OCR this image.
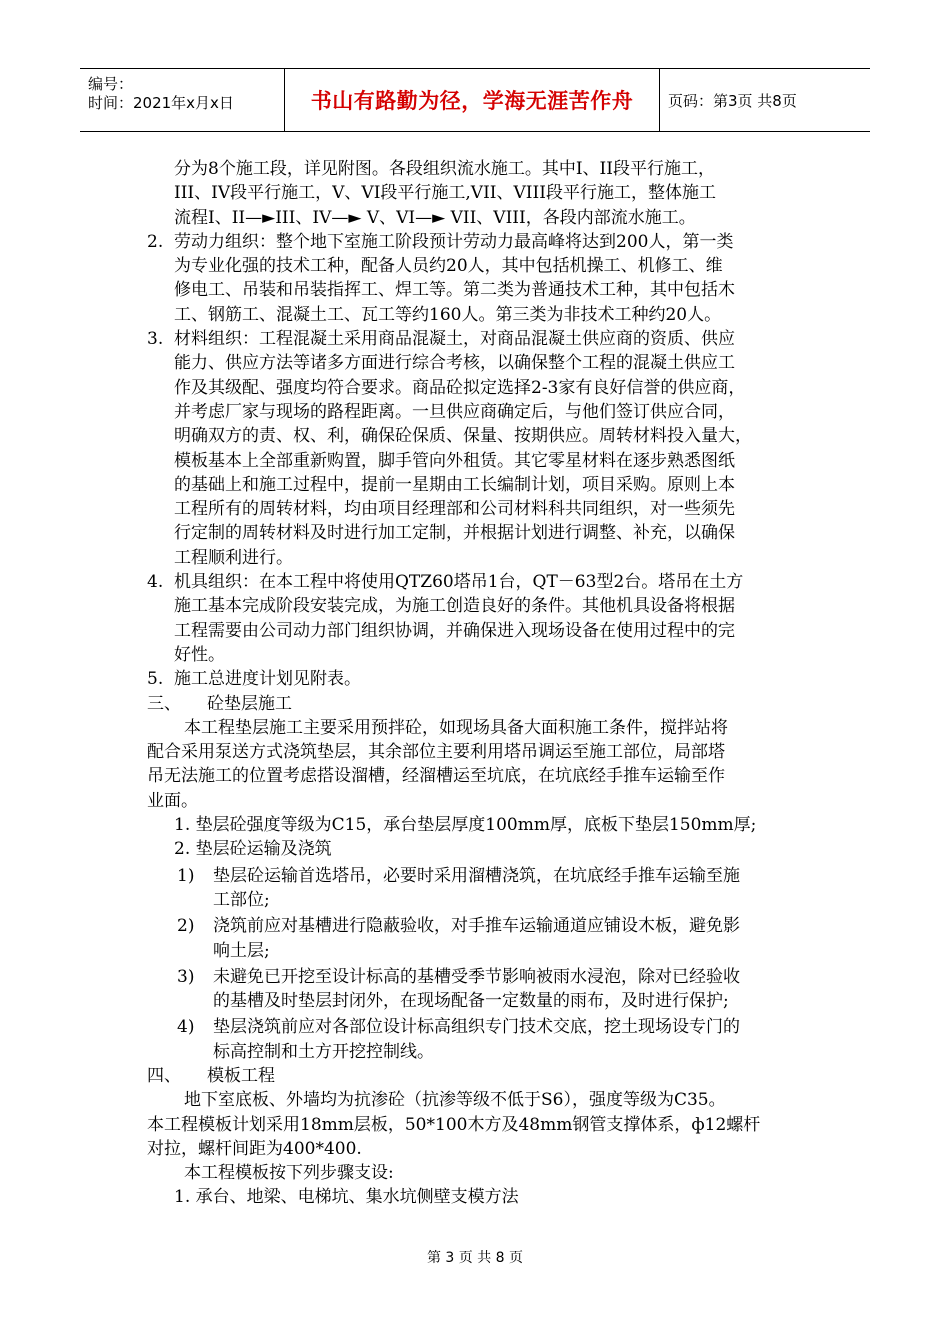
编号：
时间：2021年x月x日	书山有路勤为径，学海无涯苦作舟	页码：第3页 共8页
分为8个施工段，详见附图。各段组织流水施工。其中I、II段平行施工，
III、IV段平行施工，V、VI段平行施工,VII、VIII段平行施工，整体施工
流程I、II—►III、IV—► V、VI—► VII、VIII，各段内部流水施工。
2. 劳动力组织：整个地下室施工阶段预计劳动力最高峰将达到200人，第一类
为专业化强的技术工种，配备人员约20人，其中包括机操工、机修工、维
修电工、吊装和吊装指挥工、焊工等。第二类为普通技术工种，其中包括木
工、钢筋工、混凝土工、瓦工等约160人。第三类为非技术工种约20人。
3. 材料组织：工程混凝土采用商品混凝土，对商品混凝土供应商的资质、供应
能力、供应方法等诸多方面进行综合考核，以确保整个工程的混凝土供应工
作及其级配、强度均符合要求。商品砼拟定选择2-3家有良好信誉的供应商，
并考虑厂家与现场的路程距离。一旦供应商确定后，与他们签订供应合同，
明确双方的责、权、利，确保砼保质、保量、按期供应。周转材料投入量大，
模板基本上全部重新购置，脚手管向外租赁。其它零星材料在逐步熟悉图纸
的基础上和施工过程中，提前一星期由工长编制计划，项目采购。原则上本
工程所有的周转材料，均由项目经理部和公司材料科共同组织，对一些须先
行定制的周转材料及时进行加工定制，并根据计划进行调整、补充，以确保
工程顺利进行。
4. 机具组织：在本工程中将使用QTZ60塔吊1台，QT－63型2台。塔吊在土方
施工基本完成阶段安装完成，为施工创造良好的条件。其他机具设备将根据
工程需要由公司动力部门组织协调，并确保进入现场设备在使用过程中的完
好性。
5. 施工总进度计划见附表。
三、 砼垫层施工
本工程垫层施工主要采用预拌砼，如现场具备大面积施工条件，搅拌站将
配合采用泵送方式浇筑垫层，其余部位主要利用塔吊调运至施工部位，局部塔
吊无法施工的位置考虑搭设溜槽，经溜槽运至坑底，在坑底经手推车运输至作
业面。
1. 垫层砼强度等级为C15，承台垫层厚度100mm厚，底板下垫层150mm厚;
2. 垫层砼运输及浇筑
1) 垫层砼运输首选塔吊，必要时采用溜槽浇筑，在坑底经手推车运输至施
工部位;
2) 浇筑前应对基槽进行隐蔽验收，对手推车运输通道应铺设木板，避免影
响土层;
3) 未避免已开挖至设计标高的基槽受季节影响被雨水浸泡，除对已经验收
的基槽及时垫层封闭外，在现场配备一定数量的雨布，及时进行保护;
4) 垫层浇筑前应对各部位设计标高组织专门技术交底，挖土现场设专门的
标高控制和土方开挖控制线。
四、 模板工程
地下室底板、外墙均为抗渗砼（抗渗等级不低于S6），强度等级为C35。
本工程模板计划采用18mm层板，50*100木方及48mm钢管支撑体系，ф12螺杆
对拉，螺杆间距为400*400.
本工程模板按下列步骤支设:
1. 承台、地梁、电梯坑、集水坑侧壁支模方法
第 3 页 共 8 页
